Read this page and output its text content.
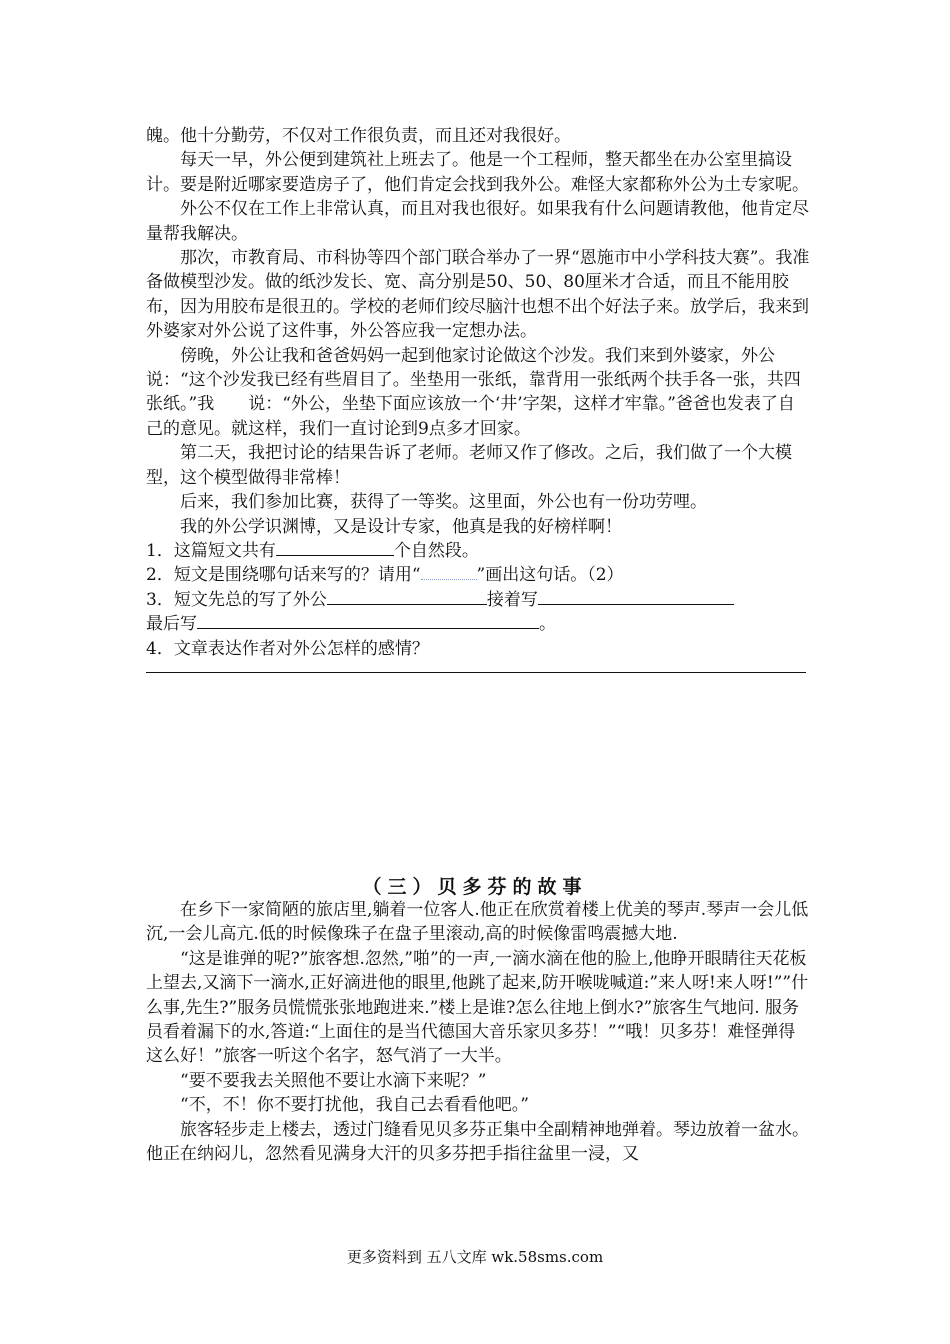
魄。他十分勤劳，不仅对工作很负责，而且还对我很好。

每天一早，外公便到建筑社上班去了。他是一个工程师，整天都坐在办公室里搞设计。要是附近哪家要造房子了，他们肯定会找到我外公。难怪大家都称外公为土专家呢。

外公不仅在工作上非常认真，而且对我也很好。如果我有什么问题请教他，他肯定尽量帮我解决。

那次，市教育局、市科协等四个部门联合举办了一界“恩施市中小学科技大赛”。我准备做模型沙发。做的纸沙发长、宽、高分别是50、50、80厘米才合适，而且不能用胶布，因为用胶布是很丑的。学校的老师们绞尽脑汁也想不出个好法子来。放学后，我来到外婆家对外公说了这件事，外公答应我一定想办法。

傍晚，外公让我和爸爸妈妈一起到他家讨论做这个沙发。我们来到外婆家，外公说：“这个沙发我已经有些眉目了。坐垫用一张纸，靠背用一张纸两个扶手各一张，共四张纸。”我　　说：“外公，坐垫下面应该放一个‘井’字架，这样才牢靠。”爸爸也发表了自己的意见。就这样，我们一直讨论到9点多才回家。

第二天，我把讨论的结果告诉了老师。老师又作了修改。之后，我们做了一个大模型，这个模型做得非常棒！

后来，我们参加比赛，获得了一等奖。这里面，外公也有一份功劳哩。

我的外公学识渊博，又是设计专家，他真是我的好榜样啊！

1．这篇短文共有	个自然段。

2．短文是围绕哪句话来写的？请用“	”画出这句话。（2）

3．短文先总的写了外公	接着写

最后写	。

4．文章表达作者对外公怎样的感情？

（三）贝多芬的故事

在乡下一家简陋的旅店里,躺着一位客人.他正在欣赏着楼上优美的琴声.琴声一会儿低沉,一会儿高亢.低的时候像珠子在盘子里滚动,高的时候像雷鸣震撼大地.

“这是谁弹的呢?”旅客想.忽然,”啪”的一声,一滴水滴在他的脸上,他睁开眼睛往天花板上望去,又滴下一滴水,正好滴进他的眼里,他跳了起来,防开喉咙喊道:”来人呀!来人呀!””什么事,先生?”服务员慌慌张张地跑进来.”楼上是谁?怎么往地上倒水?”旅客生气地问. 服务员看着漏下的水,答道:“上面住的是当代德国大音乐家贝多芬！”“哦！贝多芬！难怪弹得这么好！”旅客一听这个名字，怒气消了一大半。

“要不要我去关照他不要让水滴下来呢？”

“不，不！你不要打扰他，我自己去看看他吧。”

旅客轻步走上楼去，透过门缝看见贝多芬正集中全副精神地弹着。琴边放着一盆水。他正在纳闷儿，忽然看见满身大汗的贝多芬把手指往盆里一浸，又

更多资料到 五八文库 wk.58sms.com
